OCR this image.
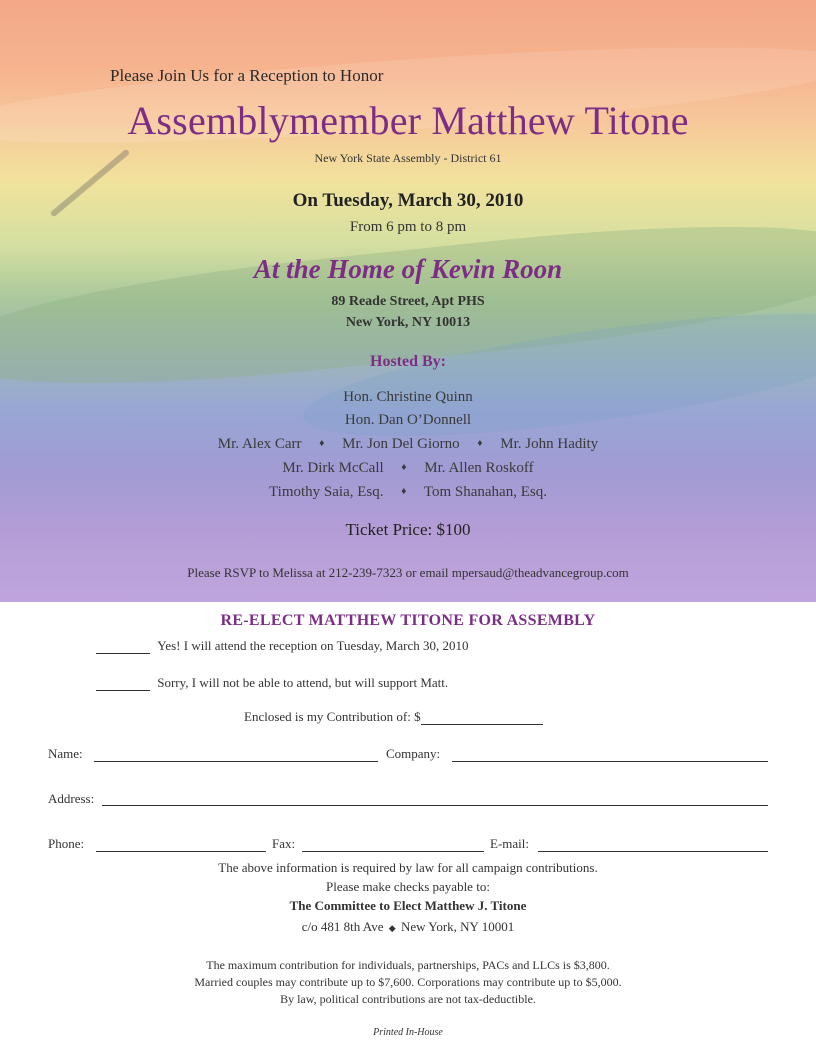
Please Join Us for a Reception to Honor
Assemblymember Matthew Titone
New York State Assembly - District 61
On Tuesday, March 30, 2010
From 6 pm to 8 pm
At the Home of Kevin Roon
89 Reade Street, Apt PHS
New York, NY 10013
Hosted By:
Hon. Christine Quinn
Hon. Dan O’Donnell
Mr. Alex Carr ♦ Mr. Jon Del Giorno ♦ Mr. John Hadity
Mr. Dirk McCall ♦ Mr. Allen Roskoff
Timothy Saia, Esq. ♦ Tom Shanahan, Esq.
Ticket Price: $100
Please RSVP to Melissa at 212-239-7323 or email mpersaud@theadvancegroup.com
RE-ELECT MATTHEW TITONE FOR ASSEMBLY
Yes! I will attend the reception on Tuesday, March 30, 2010
Sorry, I will not be able to attend, but will support Matt.
Enclosed is my Contribution of: $
Name:	Company:
Address:
Phone:	Fax:	E-mail:
The above information is required by law for all campaign contributions.
Please make checks payable to:
The Committee to Elect Matthew J. Titone
c/o 481 8th Ave ◆ New York, NY 10001
The maximum contribution for individuals, partnerships, PACs and LLCs is $3,800.
Married couples may contribute up to $7,600. Corporations may contribute up to $5,000.
By law, political contributions are not tax-deductible.
Printed In-House
